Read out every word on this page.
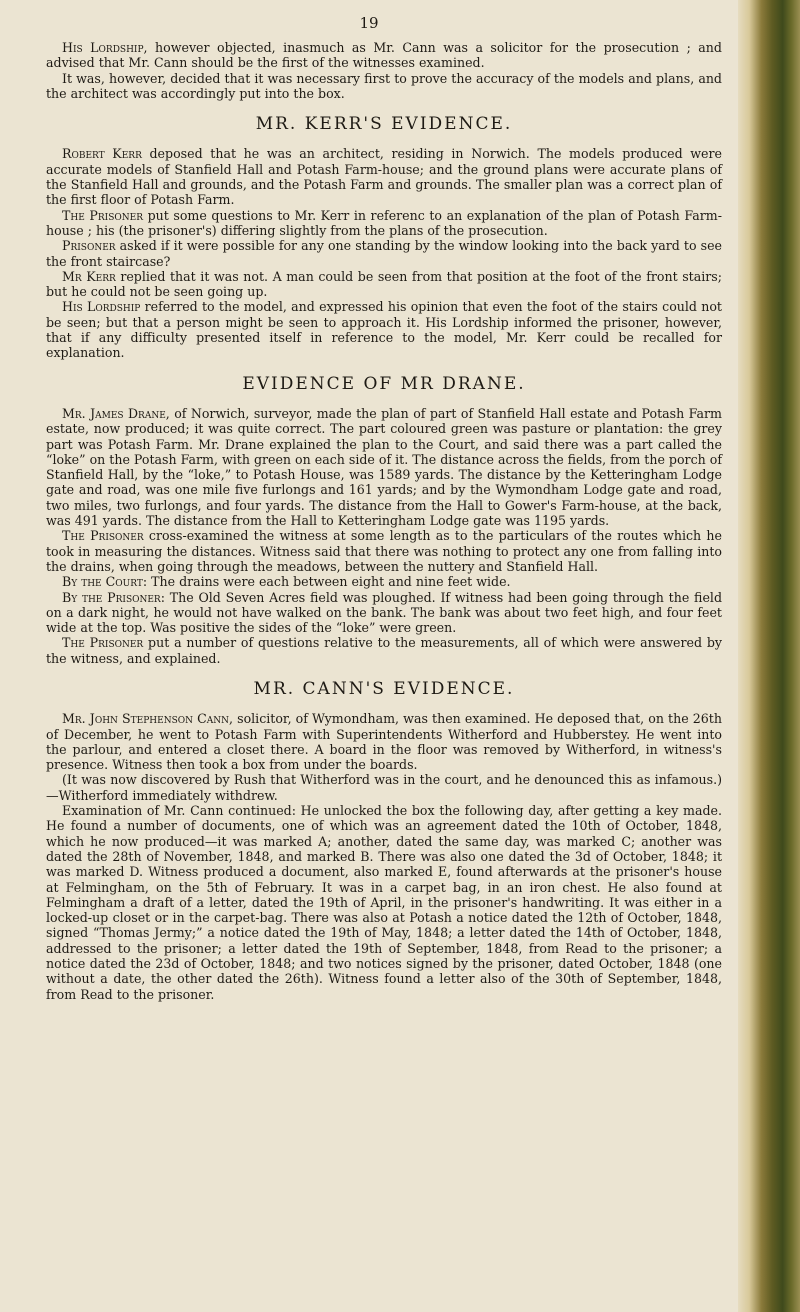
19

His Lordship, however objected, inasmuch as Mr. Cann was a solicitor for the prosecution ; and advised that Mr. Cann should be the first of the witnesses examined.

It was, however, decided that it was necessary first to prove the accuracy of the models and plans, and the architect was accordingly put into the box.

MR. KERR'S EVIDENCE.

Robert Kerr deposed that he was an architect, residing in Norwich. The models produced were accurate models of Stanfield Hall and Potash Farm-house; and the ground plans were accurate plans of the Stanfield Hall and grounds, and the Potash Farm and grounds. The smaller plan was a correct plan of the first floor of Potash Farm.

The Prisoner put some questions to Mr. Kerr in referenc to an explanation of the plan of Potash Farm-house ; his (the prisoner's) differing slightly from the plans of the prosecution.

Prisoner asked if it were possible for any one standing by the window looking into the back yard to see the front staircase?

Mr Kerr replied that it was not. A man could be seen from that position at the foot of the front stairs; but he could not be seen going up.

His Lordship referred to the model, and expressed his opinion that even the foot of the stairs could not be seen; but that a person might be seen to approach it. His Lordship informed the prisoner, however, that if any difficulty presented itself in reference to the model, Mr. Kerr could be recalled for explanation.

EVIDENCE OF MR DRANE.

Mr. James Drane, of Norwich, surveyor, made the plan of part of Stanfield Hall estate and Potash Farm estate, now produced; it was quite correct. The part coloured green was pasture or plantation: the grey part was Potash Farm. Mr. Drane explained the plan to the Court, and said there was a part called the “loke” on the Potash Farm, with green on each side of it. The distance across the fields, from the porch of Stanfield Hall, by the “loke,” to Potash House, was 1589 yards. The distance by the Ketteringham Lodge gate and road, was one mile five furlongs and 161 yards; and by the Wymondham Lodge gate and road, two miles, two furlongs, and four yards. The distance from the Hall to Gower's Farm-house, at the back, was 491 yards. The distance from the Hall to Ketteringham Lodge gate was 1195 yards.

The Prisoner cross-examined the witness at some length as to the particulars of the routes which he took in measuring the distances. Witness said that there was nothing to protect any one from falling into the drains, when going through the meadows, between the nuttery and Stanfield Hall.

By the Court: The drains were each between eight and nine feet wide.

By the Prisoner: The Old Seven Acres field was ploughed. If witness had been going through the field on a dark night, he would not have walked on the bank. The bank was about two feet high, and four feet wide at the top. Was positive the sides of the “loke” were green.

The Prisoner put a number of questions relative to the measurements, all of which were answered by the witness, and explained.

MR. CANN'S EVIDENCE.

Mr. John Stephenson Cann, solicitor, of Wymondham, was then examined. He deposed that, on the 26th of December, he went to Potash Farm with Superintendents Witherford and Hubberstey. He went into the parlour, and entered a closet there. A board in the floor was removed by Witherford, in witness's presence. Witness then took a box from under the boards.

(It was now discovered by Rush that Witherford was in the court, and he denounced this as infamous.)—Witherford immediately withdrew.

Examination of Mr. Cann continued: He unlocked the box the following day, after getting a key made. He found a number of documents, one of which was an agreement dated the 10th of October, 1848, which he now produced—it was marked A; another, dated the same day, was marked C; another was dated the 28th of November, 1848, and marked B. There was also one dated the 3d of October, 1848; it was marked D. Witness produced a document, also marked E, found afterwards at the prisoner's house at Felmingham, on the 5th of February. It was in a carpet bag, in an iron chest. He also found at Felmingham a draft of a letter, dated the 19th of April, in the prisoner's handwriting. It was either in a locked-up closet or in the carpet-bag. There was also at Potash a notice dated the 12th of October, 1848, signed “Thomas Jermy;” a notice dated the 19th of May, 1848; a letter dated the 14th of October, 1848, addressed to the prisoner; a letter dated the 19th of September, 1848, from Read to the prisoner; a notice dated the 23d of October, 1848; and two notices signed by the prisoner, dated October, 1848 (one without a date, the other dated the 26th). Witness found a letter also of the 30th of September, 1848, from Read to the prisoner.
